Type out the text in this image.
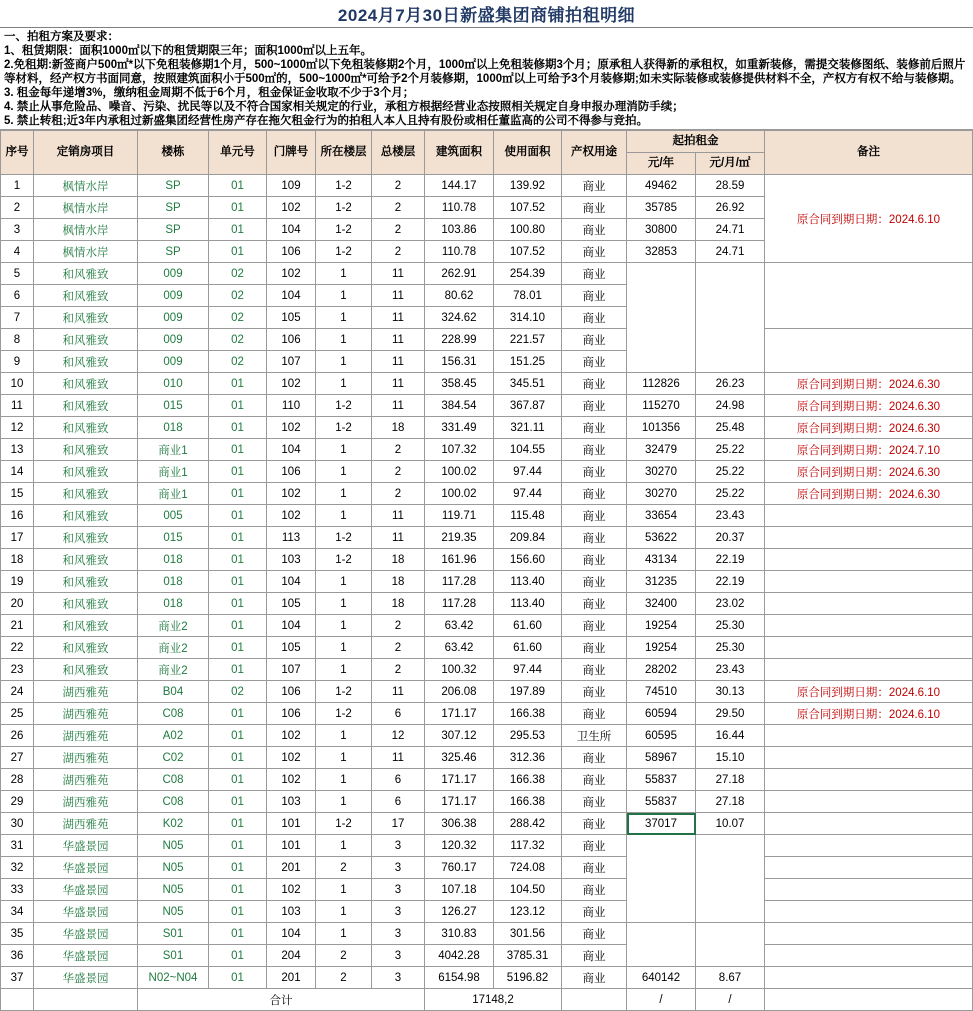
2024月7月30日新盛集团商铺拍租明细
一、拍租方案及要求：
1、租赁期限：面积1000㎡以下的租赁期限三年；面积1000㎡以上五年。
2.免租期:新签商户500㎡*以下免租装修期1个月，500~1000㎡以下免租装修期2个月，1000㎡以上免租装修期3个月；原承租人获得新的承租权，如重新装修，需提交装修图纸、装修前后照片等材料，经产权方书面同意，按照建筑面积小于500㎡的，500~1000㎡*可给予2个月装修期，1000㎡以上可给予3个月装修期;如未实际装修或装修提供材料不全，产权方有权不给与装修期。
3. 租金每年递增3%，缴纳租金周期不低于6个月，租金保证金收取不少于3个月；
4. 禁止从事危险品、噪音、污染、扰民等以及不符合国家相关规定的行业，承租方根据经营业态按照相关规定自身申报办理消防手续；
5. 禁止转租;近3年内承租过新盛集团经营性房产存在拖欠租金行为的拍租人本人且持有股份或相任董监高的公司不得参与竞拍。
序号	定销房项目	楼栋	单元号	门牌号	所在楼层	总楼层	建筑面积	使用面积	产权用途	起拍租金		备注
										元/年	元/月/㎡	
1	枫情水岸	SP	01	109	1-2	2	144.17	139.92	商业	49462	28.59	原合同到期日期：2024.6.10
2	枫情水岸	SP	01	102	1-2	2	110.78	107.52	商业	35785	26.92	
3	枫情水岸	SP	01	104	1-2	2	103.86	100.80	商业	30800	24.71	
4	枫情水岸	SP	01	106	1-2	2	110.78	107.52	商业	32853	24.71	
5	和风雅致	009	02	102	1	11	262.91	254.39	商业			
6	和风雅致	009	02	104	1	11	80.62	78.01	商业			
7	和风雅致	009	02	105	1	11	324.62	314.10	商业			
8	和风雅致	009	02	106	1	11	228.99	221.57	商业			
9	和风雅致	009	02	107	1	11	156.31	151.25	商业			
10	和风雅致	010	01	102	1	11	358.45	345.51	商业	112826	26.23	原合同到期日期：2024.6.30
11	和风雅致	015	01	110	1-2	11	384.54	367.87	商业	115270	24.98	原合同到期日期：2024.6.30
12	和风雅致	018	01	102	1-2	18	331.49	321.11	商业	101356	25.48	原合同到期日期：2024.6.30
13	和风雅致	商业1	01	104	1	2	107.32	104.55	商业	32479	25.22	原合同到期日期：2024.7.10
14	和风雅致	商业1	01	106	1	2	100.02	97.44	商业	30270	25.22	原合同到期日期：2024.6.30
15	和风雅致	商业1	01	102	1	2	100.02	97.44	商业	30270	25.22	原合同到期日期：2024.6.30
16	和风雅致	005	01	102	1	11	119.71	115.48	商业	33654	23.43	
17	和风雅致	015	01	113	1-2	11	219.35	209.84	商业	53622	20.37	
18	和风雅致	018	01	103	1-2	18	161.96	156.60	商业	43134	22.19	
19	和风雅致	018	01	104	1	18	117.28	113.40	商业	31235	22.19	
20	和风雅致	018	01	105	1	18	117.28	113.40	商业	32400	23.02	
21	和风雅致	商业2	01	104	1	2	63.42	61.60	商业	19254	25.30	
22	和风雅致	商业2	01	105	1	2	63.42	61.60	商业	19254	25.30	
23	和风雅致	商业2	01	107	1	2	100.32	97.44	商业	28202	23.43	
24	湖西雅苑	B04	02	106	1-2	11	206.08	197.89	商业	74510	30.13	原合同到期日期：2024.6.10
25	湖西雅苑	C08	01	106	1-2	6	171.17	166.38	商业	60594	29.50	原合同到期日期：2024.6.10
26	湖西雅苑	A02	01	102	1	12	307.12	295.53	卫生所	60595	16.44	
27	湖西雅苑	C02	01	102	1	11	325.46	312.36	商业	58967	15.10	
28	湖西雅苑	C08	01	102	1	6	171.17	166.38	商业	55837	27.18	
29	湖西雅苑	C08	01	103	1	6	171.17	166.38	商业	55837	27.18	
30	湖西雅苑	K02	01	101	1-2	17	306.38	288.42	商业	37017	10.07	
31	华盛景园	N05	01	101	1	3	120.32	117.32	商业			
32	华盛景园	N05	01	201	2	3	760.17	724.08	商业			
33	华盛景园	N05	01	102	1	3	107.18	104.50	商业			
34	华盛景园	N05	01	103	1	3	126.27	123.12	商业			
35	华盛景园	S01	01	104	1	3	310.83	301.56	商业			
36	华盛景园	S01	01	204	2	3	4042.28	3785.31	商业			
37	华盛景园	N02~N04	01	201	2	3	6154.98	5196.82	商业	640142	8.67	
		合计					17148,2			/	/	
